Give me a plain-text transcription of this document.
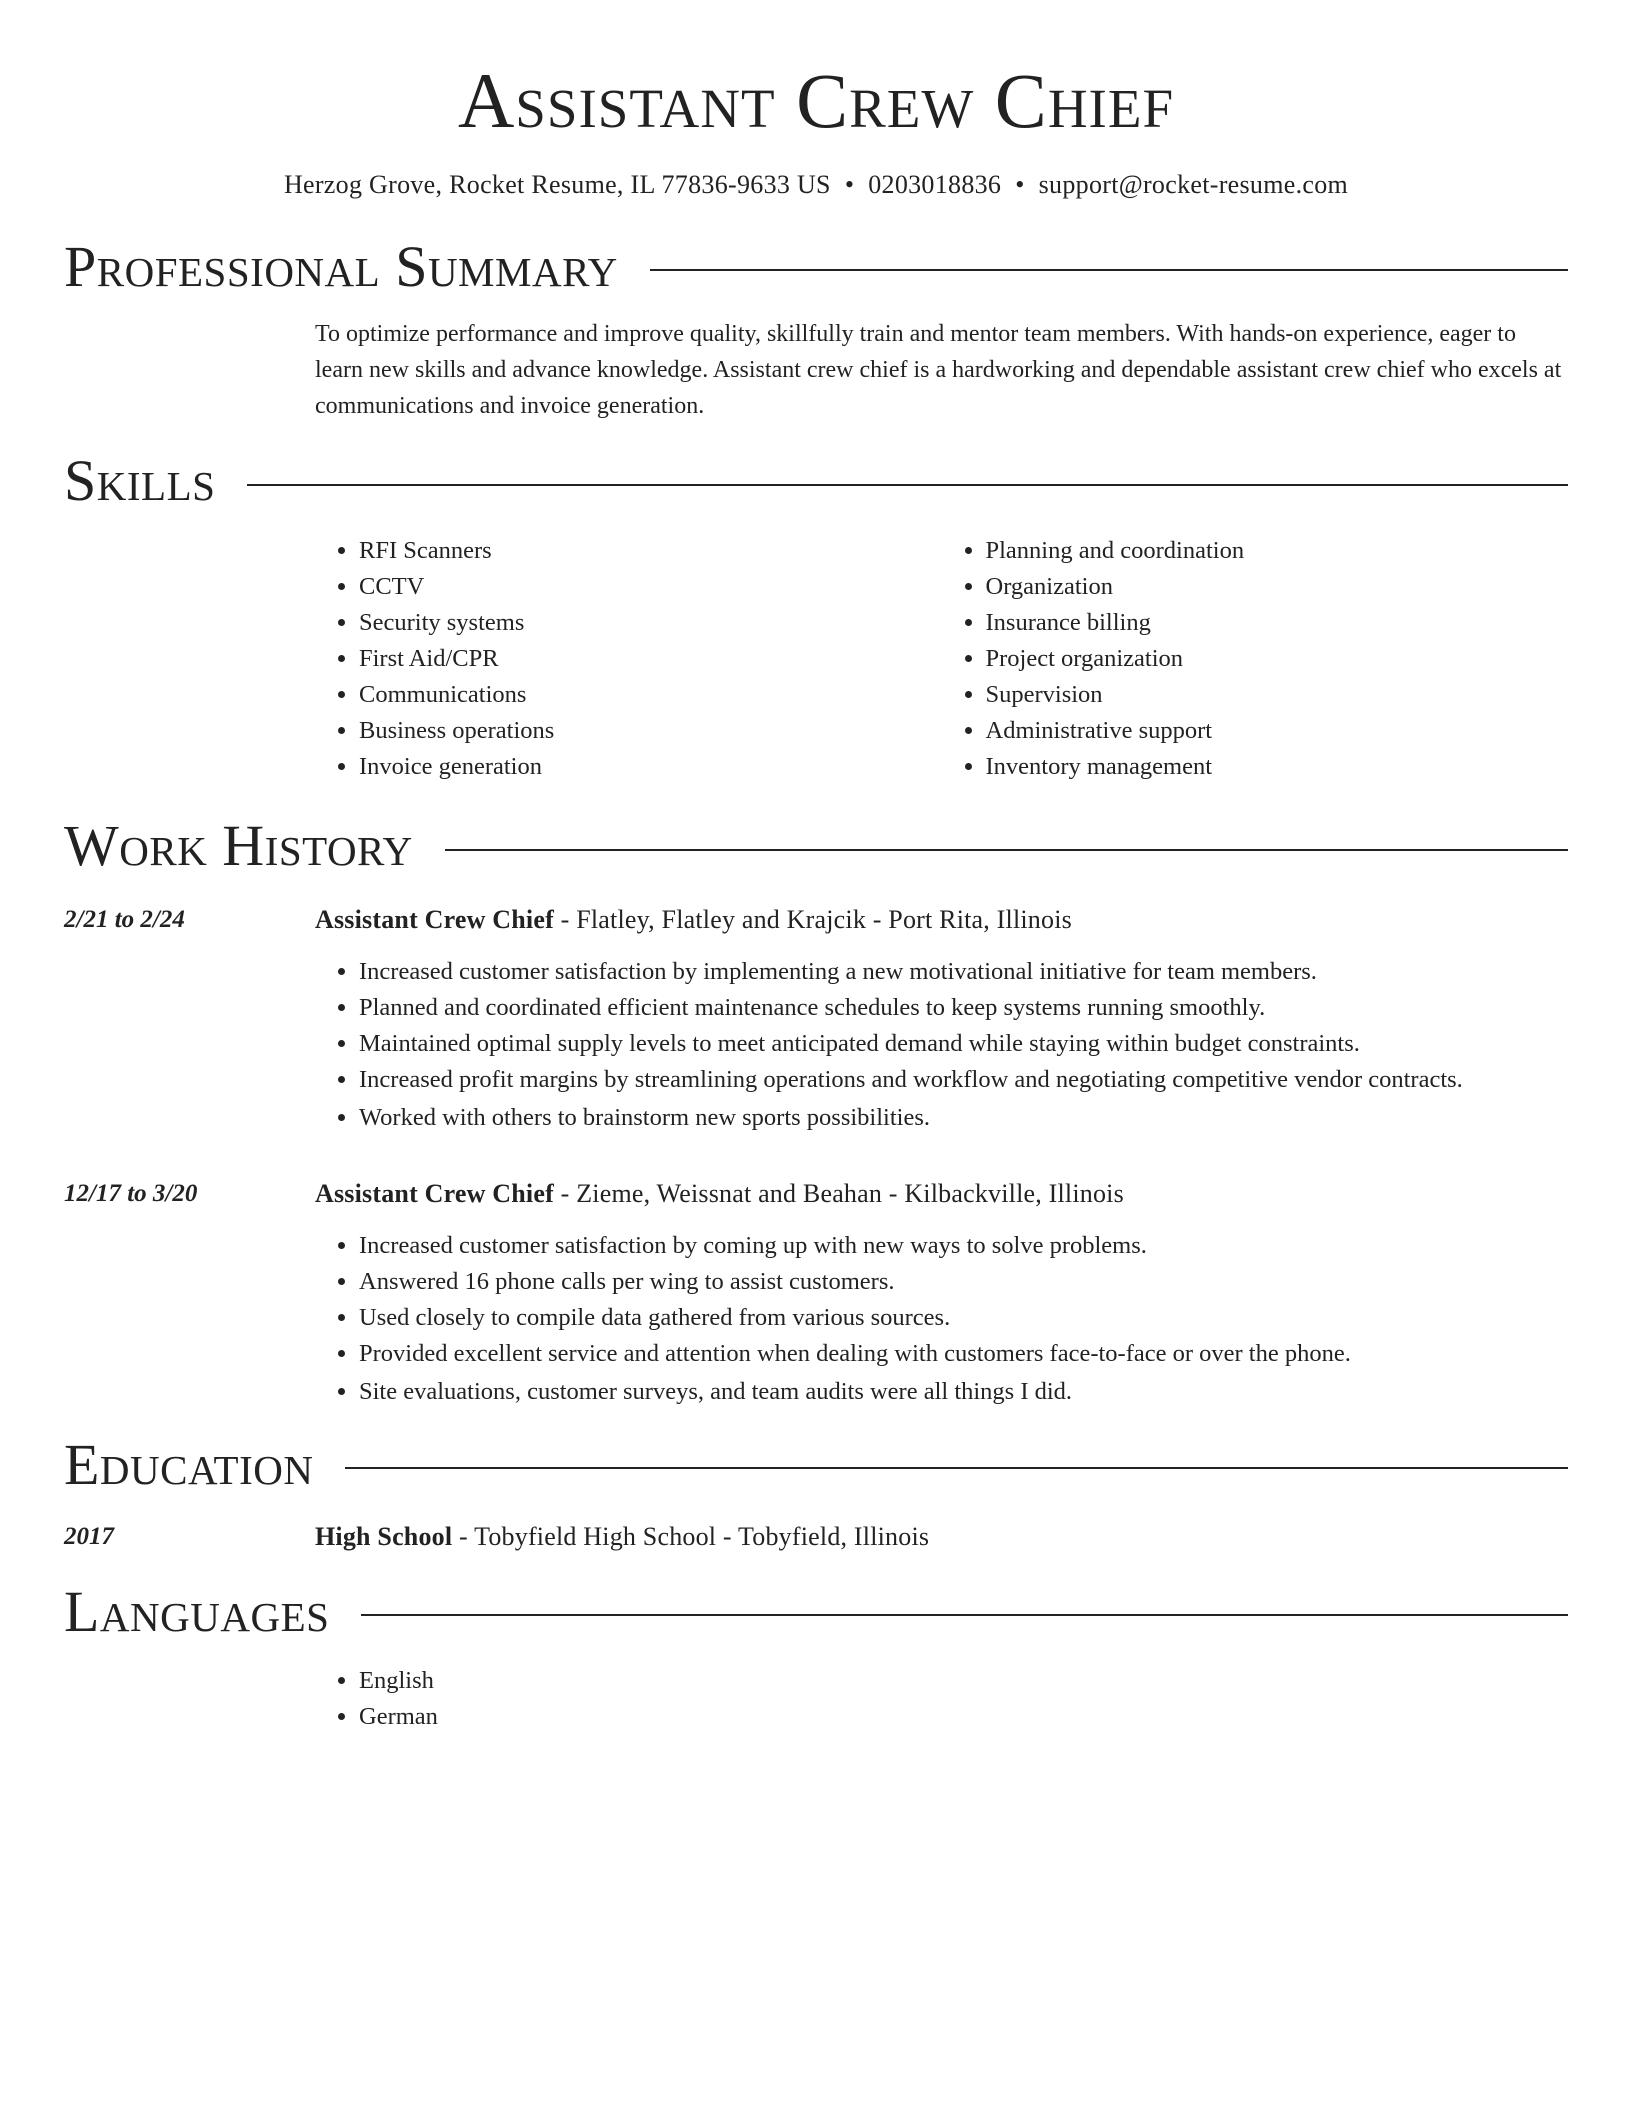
Assistant Crew Chief
Herzog Grove, Rocket Resume, IL 77836-9633 US • 0203018836 • support@rocket-resume.com
Professional Summary

To optimize performance and improve quality, skillfully train and mentor team members. With hands-on experience, eager to learn new skills and advance knowledge. Assistant crew chief is a hardworking and dependable assistant crew chief who excels at communications and invoice generation.

Skills
• RFI Scanners
• CCTV
• Security systems
• First Aid/CPR
• Communications
• Business operations
• Invoice generation
• Planning and coordination
• Organization
• Insurance billing
• Project organization
• Supervision
• Administrative support
• Inventory management
Work History
2/21 to 2/24	Assistant Crew Chief - Flatley, Flatley and Krajcik - Port Rita, Illinois
• Increased customer satisfaction by implementing a new motivational initiative for team members.
• Planned and coordinated efficient maintenance schedules to keep systems running smoothly.
• Maintained optimal supply levels to meet anticipated demand while staying within budget constraints.
• Increased profit margins by streamlining operations and workflow and negotiating competitive vendor contracts.
• Worked with others to brainstorm new sports possibilities.
12/17 to 3/20	Assistant Crew Chief - Zieme, Weissnat and Beahan - Kilbackville, Illinois
• Increased customer satisfaction by coming up with new ways to solve problems.
• Answered 16 phone calls per wing to assist customers.
• Used closely to compile data gathered from various sources.
• Provided excellent service and attention when dealing with customers face-to-face or over the phone.
• Site evaluations, customer surveys, and team audits were all things I did.
Education
2017	High School - Tobyfield High School - Tobyfield, Illinois
Languages
• English
• German
